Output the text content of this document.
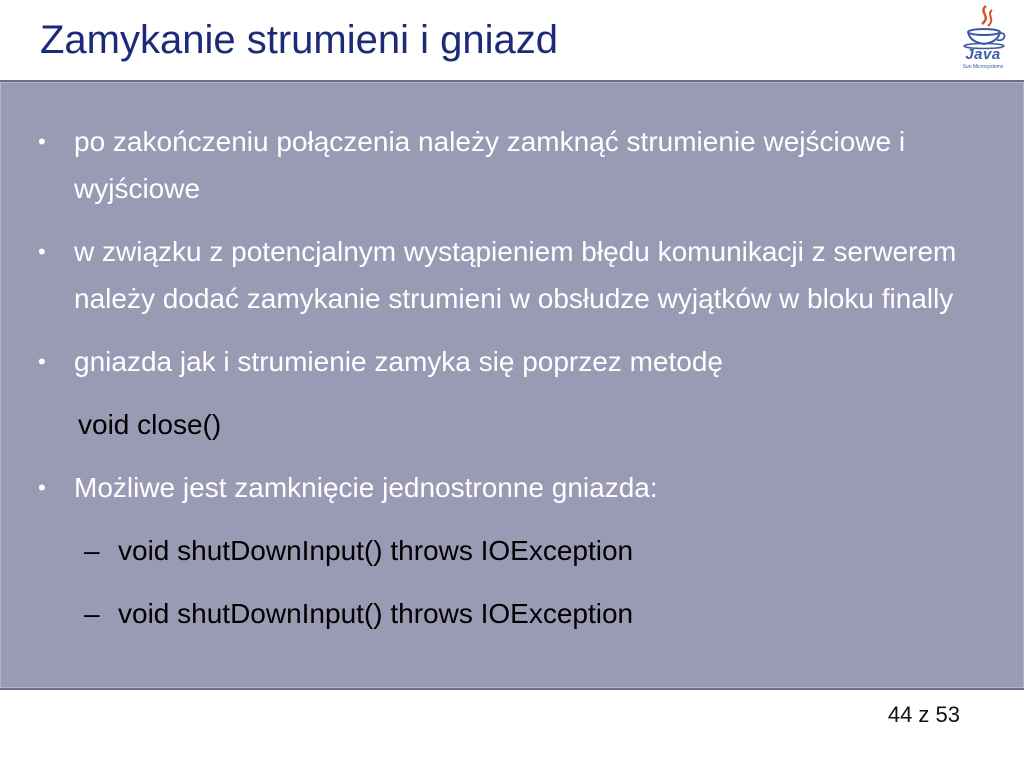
Zamykanie strumieni i gniazd	Java
Sun Microsystems
• po zakończeniu połączenia należy zamknąć strumienie wejściowe i wyjściowe
• w związku z potencjalnym wystąpieniem błędu komunikacji z serwerem należy dodać zamykanie strumieni w obsłudze wyjątków w bloku finally
• gniazda jak i strumienie zamyka się poprzez metodę
void close()
• Możliwe jest zamknięcie jednostronne gniazda:
– void shutDownInput() throws IOException
– void shutDownInput() throws IOException
44 z 53
